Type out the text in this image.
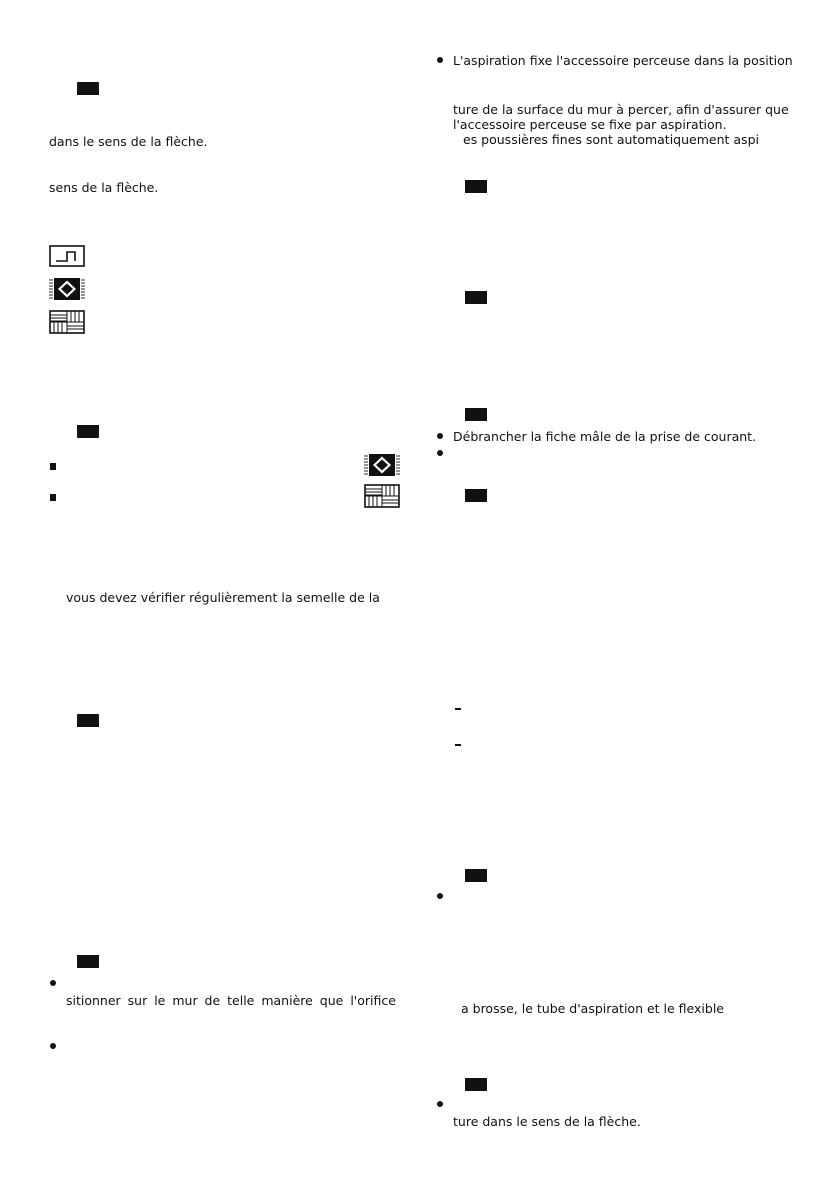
dans le sens de la flèche.
sens de la flèche.
vous devez vérifier régulièrement la semelle de la
sitionner sur le mur de telle manière que l'orifice
L'aspiration fixe l'accessoire perceuse dans la position
ture de la surface du mur à percer, afin d'assurer que
l'accessoire perceuse se fixe par aspiration.
es poussières fines sont automatiquement aspi
Débrancher la fiche mâle de la prise de courant.
a brosse, le tube d'aspiration et le flexible
ture dans le sens de la flèche.
